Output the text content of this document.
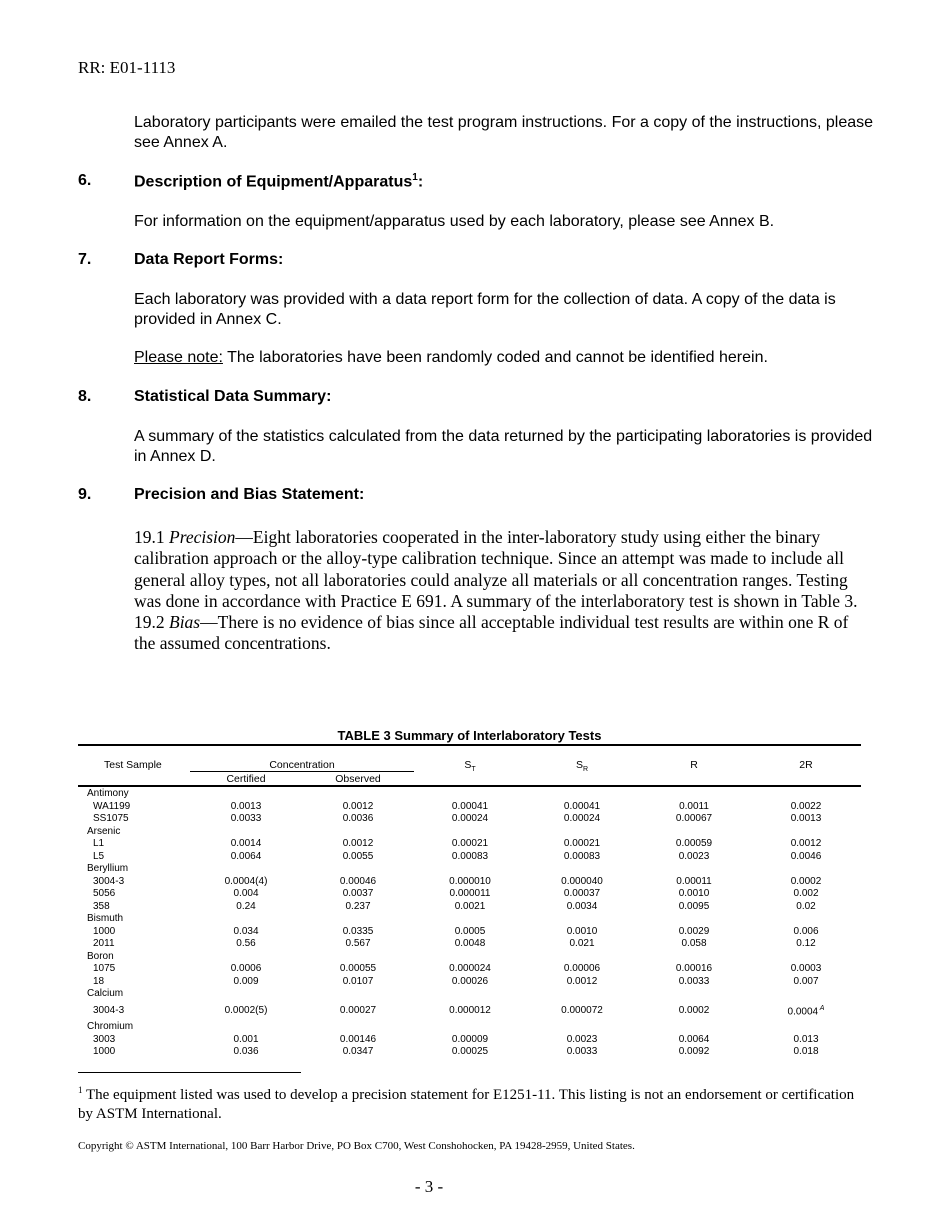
RR: E01-1113
Laboratory participants were emailed the test program instructions. For a copy of the instructions, please see Annex A.
6.	Description of Equipment/Apparatus$^1$:
For information on the equipment/apparatus used by each laboratory, please see Annex B.
7.	Data Report Forms:
Each laboratory was provided with a data report form for the collection of data. A copy of the data is provided in Annex C.
Please note: The laboratories have been randomly coded and cannot be identified herein.
8.	Statistical Data Summary:
A summary of the statistics calculated from the data returned by the participating laboratories is provided in Annex D.
9.	Precision and Bias Statement:

19.1 Precision—Eight laboratories cooperated in the inter-laboratory study using either the binary calibration approach or the alloy-type calibration technique. Since an attempt was made to include all general alloy types, not all laboratories could analyze all materials or all concentration ranges. Testing was done in accordance with Practice E 691. A summary of the interlaboratory test is shown in Table 3.

19.2 Bias—There is no evidence of bias since all acceptable individual test results are within one R of the assumed concentrations.

TABLE 3 Summary of Interlaboratory Tests
Test Sample	Concentration
Certified	Observed
$S_T$	$S_R$	R	2R
Antimony
WA1199	0.0013	0.0012	0.00041	0.00041	0.0011	0.0022
SS1075	0.0033	0.0036	0.00024	0.00024	0.00067	0.0013
Arsenic
L1	0.0014	0.0012	0.00021	0.00021	0.00059	0.0012
L5	0.0064	0.0055	0.00083	0.00083	0.0023	0.0046
Beryllium
3004-3	0.0004(4)	0.00046	0.000010	0.000040	0.00011	0.0002
5056	0.004	0.0037	0.000011	0.00037	0.0010	0.002
358	0.24	0.237	0.0021	0.0034	0.0095	0.02
Bismuth
1000	0.034	0.0335	0.0005	0.0010	0.0029	0.006
2011	0.56	0.567	0.0048	0.021	0.058	0.12
Boron
1075	0.0006	0.00055	0.000024	0.00006	0.00016	0.0003
18	0.009	0.0107	0.00026	0.0012	0.0033	0.007
Calcium
3004-3	0.0002(5)	0.00027	0.000012	0.000072	0.0002	0.0004 $^A$
Chromium
3003	0.001	0.00146	0.00009	0.0023	0.0064	0.013
1000	0.036	0.0347	0.00025	0.0033	0.0092	0.018
$^1$ The equipment listed was used to develop a precision statement for E1251-11. This listing is not an endorsement or certification by ASTM International.
Copyright © ASTM International, 100 Barr Harbor Drive, PO Box C700, West Conshohocken, PA 19428-2959, United States.
- 3 -
